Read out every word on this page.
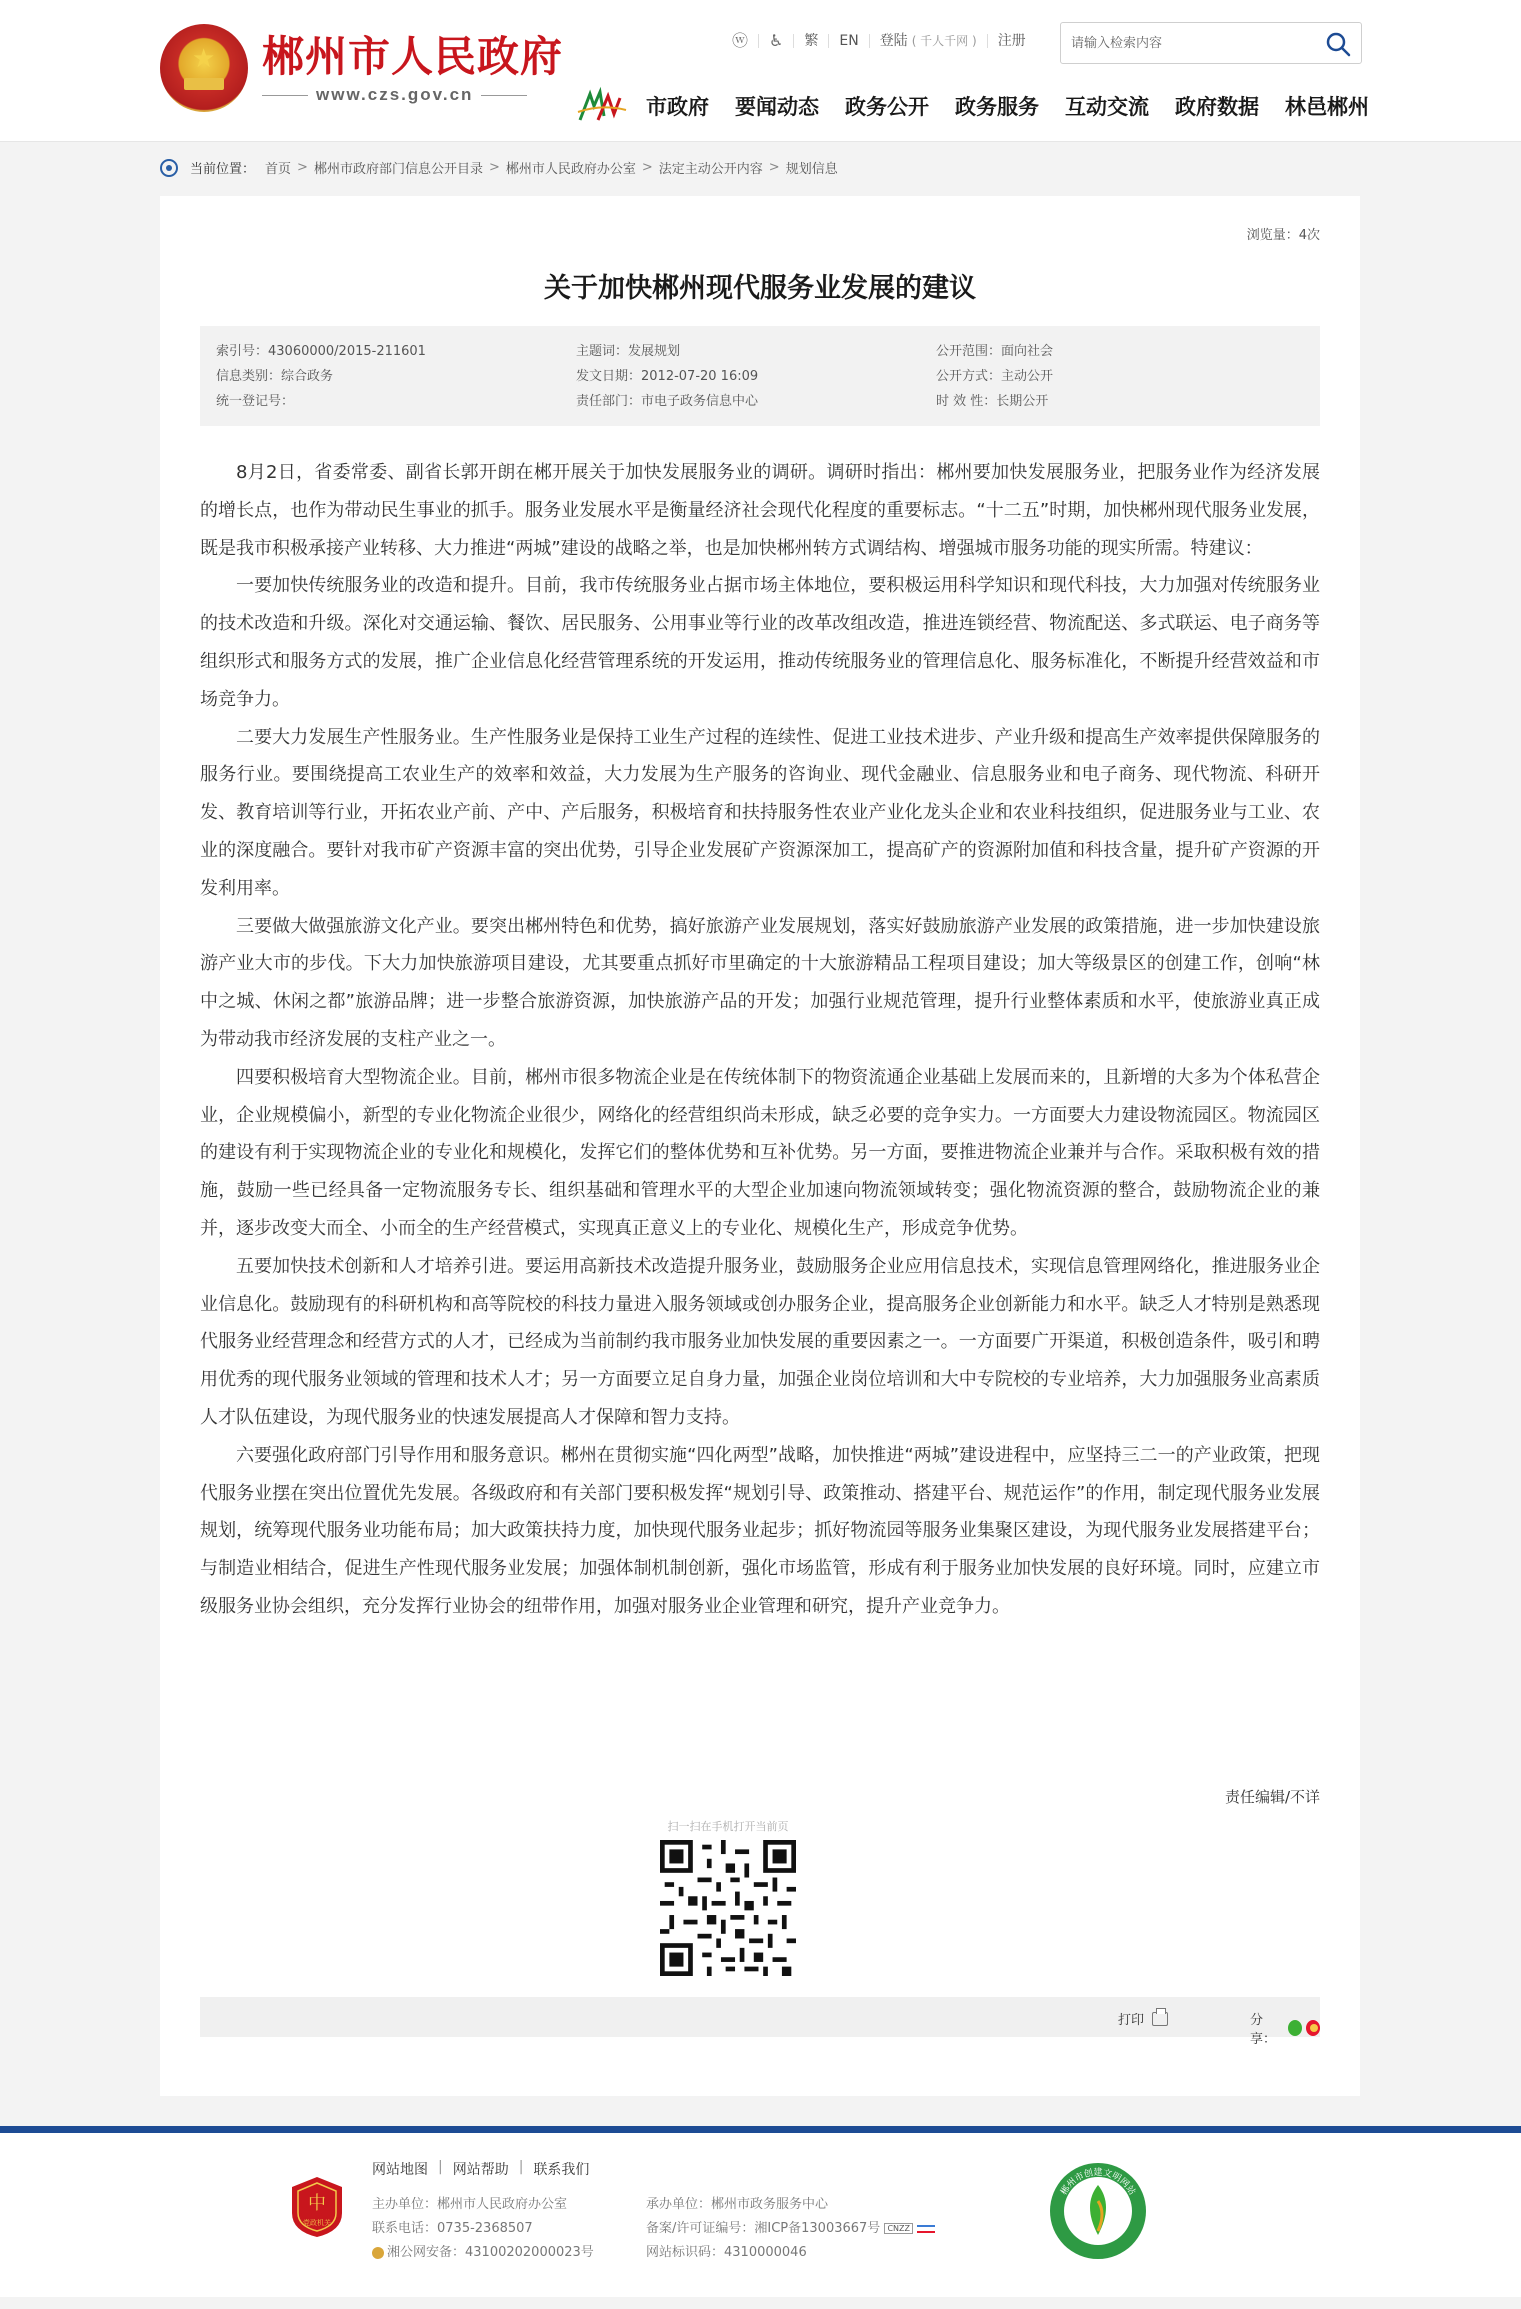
★ 郴州市人民政府
www.czs.gov.cn
ⓦ ♿	繁	EN	登陆 ( 千人千网 )	注册
请输入检索内容
市政府 要闻动态 政务公开 政务服务 互动交流 政府数据 林邑郴州
当前位置： 首页 > 郴州市政府部门信息公开目录 > 郴州市人民政府办公室 > 法定主动公开内容 > 规划信息
浏览量：4次
关于加快郴州现代服务业发展的建议
索引号：43060000/2015-211601	主题词：发展规划	公开范围：面向社会
信息类别：综合政务	发文日期：2012-07-20 16:09	公开方式：主动公开
统一登记号：	责任部门：市电子政务信息中心	时 效 性：长期公开

8月2日，省委常委、副省长郭开朗在郴开展关于加快发展服务业的调研。调研时指出：郴州要加快发展服务业，把服务业作为经济发展的增长点，也作为带动民生事业的抓手。服务业发展水平是衡量经济社会现代化程度的重要标志。“十二五”时期，加快郴州现代服务业发展，既是我市积极承接产业转移、大力推进“两城”建设的战略之举，也是加快郴州转方式调结构、增强城市服务功能的现实所需。特建议：

一要加快传统服务业的改造和提升。目前，我市传统服务业占据市场主体地位，要积极运用科学知识和现代科技，大力加强对传统服务业的技术改造和升级。深化对交通运输、餐饮、居民服务、公用事业等行业的改革改组改造，推进连锁经营、物流配送、多式联运、电子商务等组织形式和服务方式的发展，推广企业信息化经营管理系统的开发运用，推动传统服务业的管理信息化、服务标准化，不断提升经营效益和市场竞争力。

二要大力发展生产性服务业。生产性服务业是保持工业生产过程的连续性、促进工业技术进步、产业升级和提高生产效率提供保障服务的服务行业。要围绕提高工农业生产的效率和效益，大力发展为生产服务的咨询业、现代金融业、信息服务业和电子商务、现代物流、科研开发、教育培训等行业，开拓农业产前、产中、产后服务，积极培育和扶持服务性农业产业化龙头企业和农业科技组织，促进服务业与工业、农业的深度融合。要针对我市矿产资源丰富的突出优势，引导企业发展矿产资源深加工，提高矿产的资源附加值和科技含量，提升矿产资源的开发利用率。

三要做大做强旅游文化产业。要突出郴州特色和优势，搞好旅游产业发展规划，落实好鼓励旅游产业发展的政策措施，进一步加快建设旅游产业大市的步伐。下大力加快旅游项目建设，尤其要重点抓好市里确定的十大旅游精品工程项目建设；加大等级景区的创建工作，创响“林中之城、休闲之都”旅游品牌；进一步整合旅游资源，加快旅游产品的开发；加强行业规范管理，提升行业整体素质和水平，使旅游业真正成为带动我市经济发展的支柱产业之一。

四要积极培育大型物流企业。目前，郴州市很多物流企业是在传统体制下的物资流通企业基础上发展而来的，且新增的大多为个体私营企业，企业规模偏小，新型的专业化物流企业很少，网络化的经营组织尚未形成，缺乏必要的竞争实力。一方面要大力建设物流园区。物流园区的建设有利于实现物流企业的专业化和规模化，发挥它们的整体优势和互补优势。另一方面，要推进物流企业兼并与合作。采取积极有效的措施，鼓励一些已经具备一定物流服务专长、组织基础和管理水平的大型企业加速向物流领域转变；强化物流资源的整合，鼓励物流企业的兼并，逐步改变大而全、小而全的生产经营模式，实现真正意义上的专业化、规模化生产，形成竞争优势。

五要加快技术创新和人才培养引进。要运用高新技术改造提升服务业，鼓励服务企业应用信息技术，实现信息管理网络化，推进服务业企业信息化。鼓励现有的科研机构和高等院校的科技力量进入服务领域或创办服务企业，提高服务企业创新能力和水平。缺乏人才特别是熟悉现代服务业经营理念和经营方式的人才，已经成为当前制约我市服务业加快发展的重要因素之一。一方面要广开渠道，积极创造条件，吸引和聘用优秀的现代服务业领域的管理和技术人才；另一方面要立足自身力量，加强企业岗位培训和大中专院校的专业培养，大力加强服务业高素质人才队伍建设，为现代服务业的快速发展提高人才保障和智力支持。

六要强化政府部门引导作用和服务意识。郴州在贯彻实施“四化两型”战略，加快推进“两城”建设进程中，应坚持三二一的产业政策，把现代服务业摆在突出位置优先发展。各级政府和有关部门要积极发挥“规划引导、政策推动、搭建平台、规范运作”的作用，制定现代服务业发展规划，统筹现代服务业功能布局；加大政策扶持力度，加快现代服务业起步；抓好物流园等服务业集聚区建设，为现代服务业发展搭建平台；与制造业相结合，促进生产性现代服务业发展；加强体制机制创新，强化市场监管，形成有利于服务业加快发展的良好环境。同时，应建立市级服务业协会组织，充分发挥行业协会的纽带作用，加强对服务业企业管理和研究，提升产业竞争力。

责任编辑/不详
扫一扫在手机打开当前页
打印	分享：
中
党政机关
网站地图 | 网站帮助 | 联系我们
主办单位：郴州市人民政府办公室	承办单位：郴州市政务服务中心
联系电话：0735-2368507	备案/许可证编号：湘ICP备13003667号 CNZZ
湘公网安备：43100202000023号	网站标识码：4310000046
郴州市创建文明网站
